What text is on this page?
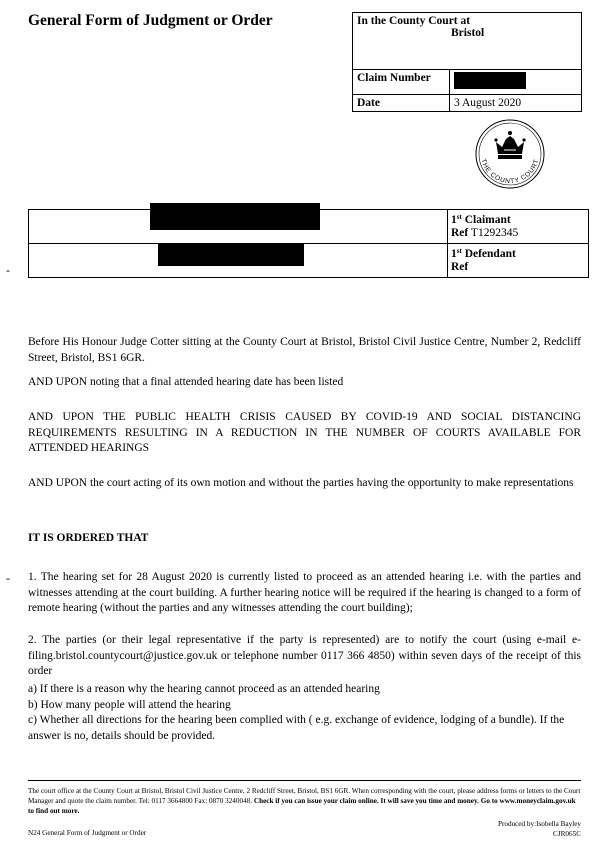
General Form of Judgment or Order	In the County Court at
Bristol	

Claim Number	
Date	3 August 2020
THE COUNTY COURT

	1st Claimant
Ref T1292345

	1st Defendant
Ref
-
-
Before His Honour Judge Cotter sitting at the County Court at Bristol, Bristol Civil Justice Centre, Number 2, Redcliff Street, Bristol, BS1 6GR.
AND UPON noting that a final attended hearing date has been listed
AND UPON THE PUBLIC HEALTH CRISIS CAUSED BY COVID-19 AND SOCIAL DISTANCING REQUIREMENTS RESULTING IN A REDUCTION IN THE NUMBER OF COURTS AVAILABLE FOR ATTENDED HEARINGS
AND UPON the court acting of its own motion and without the parties having the opportunity to make representations
IT IS ORDERED THAT
1. The hearing set for 28 August 2020 is currently listed to proceed as an attended hearing i.e. with the parties and witnesses attending at the court building. A further hearing notice will be required if the hearing is changed to a form of remote hearing (without the parties and any witnesses attending the court building);
2. The parties (or their legal representative if the party is represented) are to notify the court (using e-mail e-filing.bristol.countycourt@justice.gov.uk or telephone number 0117 366 4850) within seven days of the receipt of this order
a) If there is a reason why the hearing cannot proceed as an attended hearing
b) How many people will attend the hearing
c) Whether all directions for the hearing been complied with ( e.g. exchange of evidence, lodging of a bundle). If the answer is no, details should be provided.
The court office at the County Court at Bristol, Bristol Civil Justice Centre, 2 Redcliff Street, Bristol, BS1 6GR. When corresponding with the court, please address forms or letters to the Court Manager and quote the claim number. Tel: 0117 3664800 Fax: 0870 3240048. Check if you can issue your claim online. It will save you time and money. Go to www.moneyclaim.gov.uk to find out more.
Produced by:Isobella Bayley
CJR065C
N24 General Form of Judgment or Order
